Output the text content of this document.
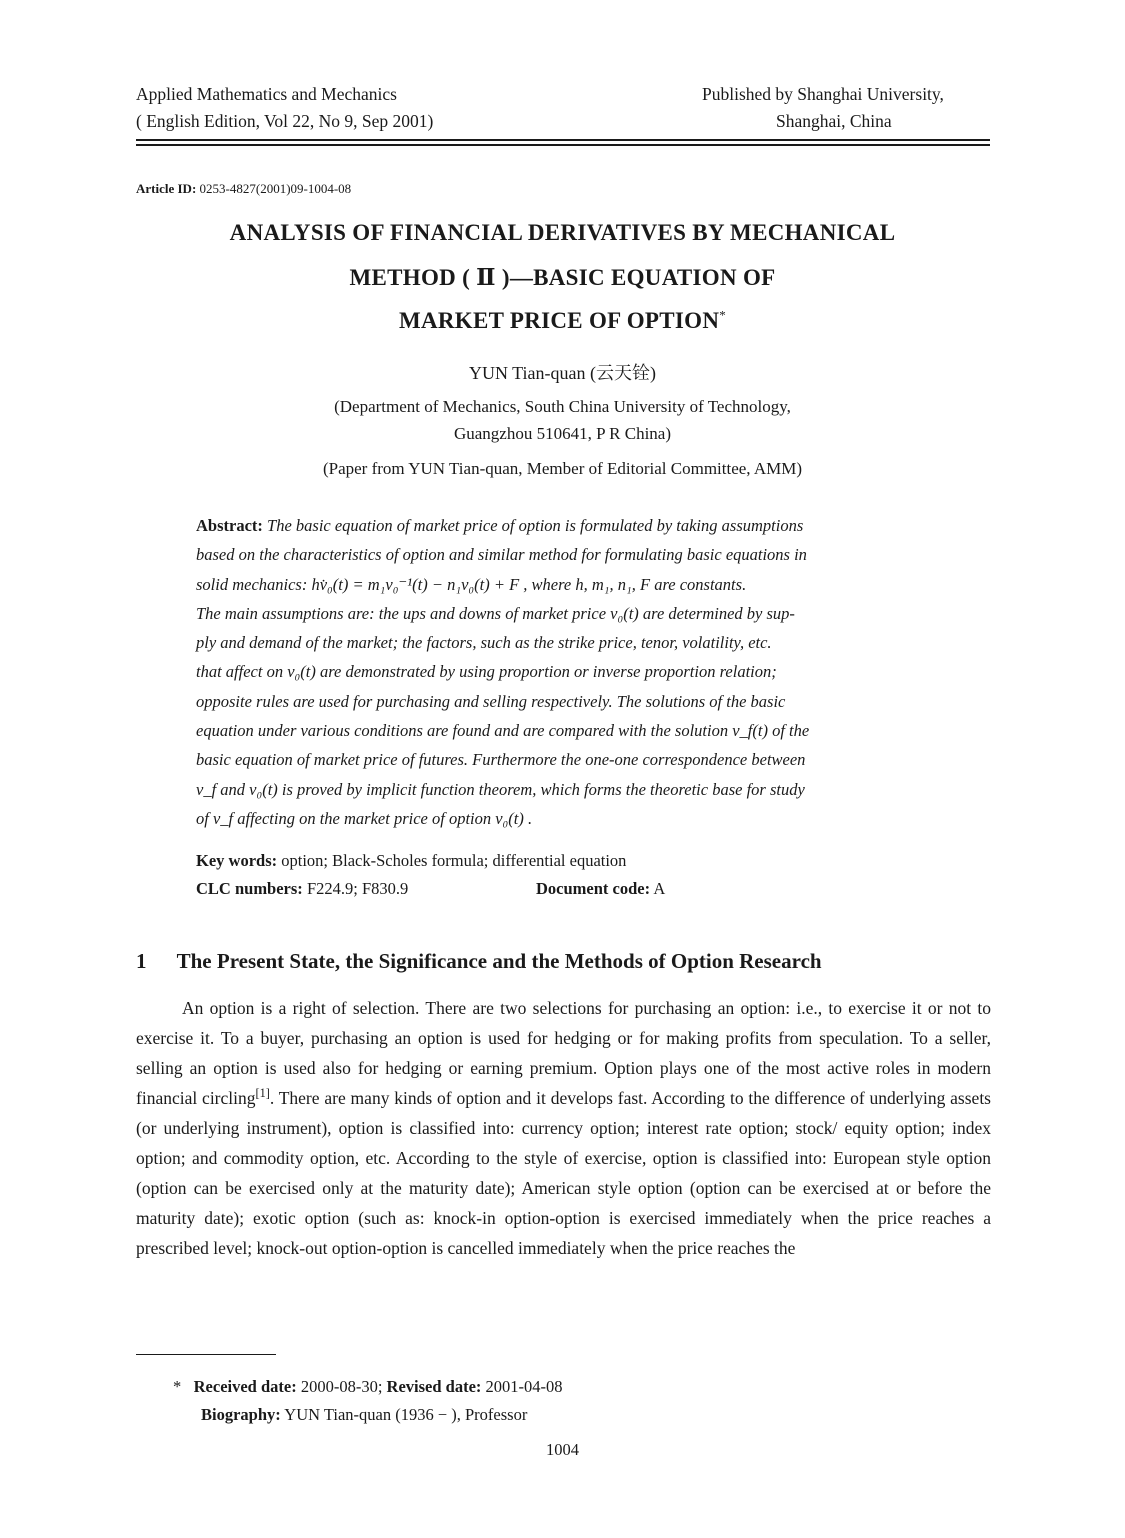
Applied Mathematics and Mechanics
( English Edition, Vol 22, No 9, Sep 2001)
Published by Shanghai University,
Shanghai, China
Article ID: 0253-4827(2001)09-1004-08
ANALYSIS OF FINANCIAL DERIVATIVES BY MECHANICAL
METHOD ( Ⅱ )—BASIC EQUATION OF
MARKET PRICE OF OPTION*
YUN Tian-quan (云天铨)
(Department of Mechanics, South China University of Technology,
Guangzhou 510641, P R China)
(Paper from YUN Tian-quan, Member of Editorial Committee, AMM)
Abstract: The basic equation of market price of option is formulated by taking assumptions
based on the characteristics of option and similar method for formulating basic equations in
solid mechanics: hv̇₀(t) = m₁v₀⁻¹(t) − n₁v₀(t) + F , where h, m₁, n₁, F are constants.
The main assumptions are: the ups and downs of market price v₀(t) are determined by sup-
ply and demand of the market; the factors, such as the strike price, tenor, volatility, etc.
that affect on v₀(t) are demonstrated by using proportion or inverse proportion relation;
opposite rules are used for purchasing and selling respectively. The solutions of the basic
equation under various conditions are found and are compared with the solution v_f(t) of the
basic equation of market price of futures. Furthermore the one-one correspondence between
v_f and v₀(t) is proved by implicit function theorem, which forms the theoretic base for study
of v_f affecting on the market price of option v₀(t) .
Key words: option; Black-Scholes formula; differential equation
CLC numbers: F224.9; F830.9	Document code: A
1 The Present State, the Significance and the Methods of Option Research
An option is a right of selection. There are two selections for purchasing an option: i.e., to exercise it or not to exercise it. To a buyer, purchasing an option is used for hedging or for making profits from speculation. To a seller, selling an option is used also for hedging or earning premium. Option plays one of the most active roles in modern financial circling[1]. There are many kinds of option and it develops fast. According to the difference of underlying assets (or underlying instrument), option is classified into: currency option; interest rate option; stock/ equity option; index option; and commodity option, etc. According to the style of exercise, option is classified into: European style option (option can be exercised only at the maturity date); American style option (option can be exercised at or before the maturity date); exotic option (such as: knock-in option-option is exercised immediately when the price reaches a prescribed level; knock-out option-option is cancelled immediately when the price reaches the
* Received date: 2000-08-30; Revised date: 2001-04-08
Biography: YUN Tian-quan (1936 − ), Professor
1004
